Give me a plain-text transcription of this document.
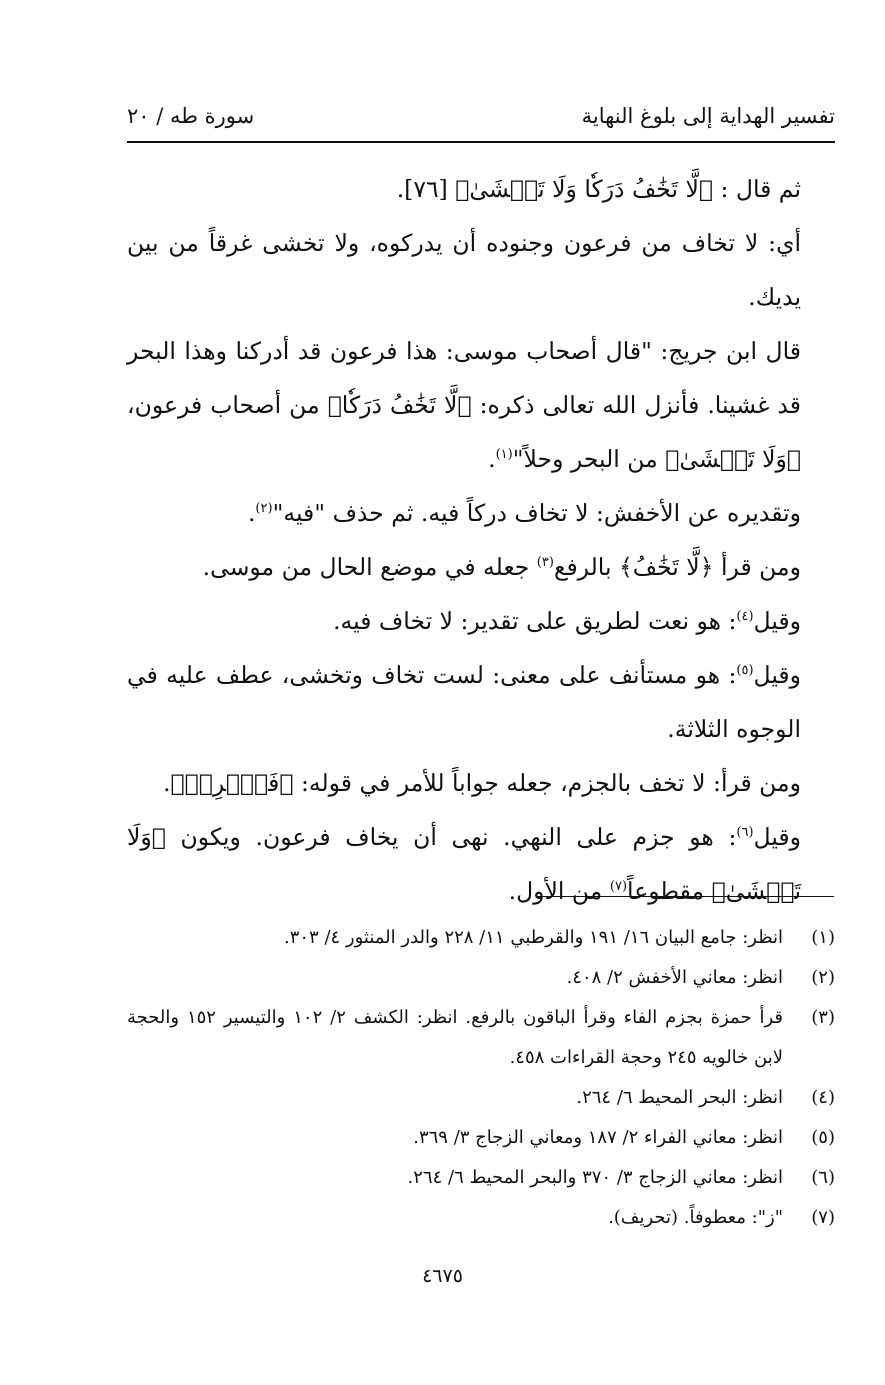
تفسير الهداية إلى بلوغ النهاية
سورة طه / ٢٠

ثم قال : ﴿ لَّا تَخَٰفُ دَرَكٗا وَلَا تَخۡشَىٰ ﴾ [٧٦].

أي: لا تخاف من فرعون وجنوده أن يدركوه، ولا تخشى غرقاً من بين يديك.

قال ابن جريج: "قال أصحاب موسى: هذا فرعون قد أدركنا وهذا البحر قد غشينا. فأنزل الله تعالى ذكره: ﴿ لَّا تَخَٰفُ دَرَكٗا ﴾ من أصحاب فرعون، ﴿ وَلَا تَخۡشَىٰ ﴾ من البحر وحلاً"$^{(١)}$.

وتقديره عن الأخفش: لا تخاف دركاً فيه. ثم حذف "فيه"$^{(٢)}$.

ومن قرأ ﴿ لَّا تَخَٰفُ ﴾ بالرفع$^{(٣)}$ جعله في موضع الحال من موسى.

وقيل$^{(٤)}$: هو نعت لطريق على تقدير: لا تخاف فيه.

وقيل$^{(٥)}$: هو مستأنف على معنى: لست تخاف وتخشى، عطف عليه في الوجوه الثلاثة.

ومن قرأ: لا تخف بالجزم، جعله جواباً للأمر في قوله: ﴿ فَٱضۡرِبۡ ﴾.

وقيل$^{(٦)}$: هو جزم على النهي. نهى أن يخاف فرعون. ويكون ﴿ وَلَا تَخۡشَىٰ ﴾ مقطوعاً$^{(٧)}$ من الأول.

(١)
انظر: جامع البيان ١٦/ ١٩١ والقرطبي ١١/ ٢٢٨ والدر المنثور ٤/ ٣٠٣.

(٢)
انظر: معاني الأخفش ٢/ ٤٠٨.

(٣)
قرأ حمزة بجزم الفاء وقرأ الباقون بالرفع. انظر: الكشف ٢/ ١٠٢ والتيسير ١٥٢ والحجة لابن خالويه ٢٤٥ وحجة القراءات ٤٥٨.

(٤)
انظر: البحر المحيط ٦/ ٢٦٤.

(٥)
انظر: معاني الفراء ٢/ ١٨٧ ومعاني الزجاج ٣/ ٣٦٩.

(٦)
انظر: معاني الزجاج ٣/ ٣٧٠ والبحر المحيط ٦/ ٢٦٤.

(٧)
"ز": معطوفاً. (تحريف).

٤٦٧٥
